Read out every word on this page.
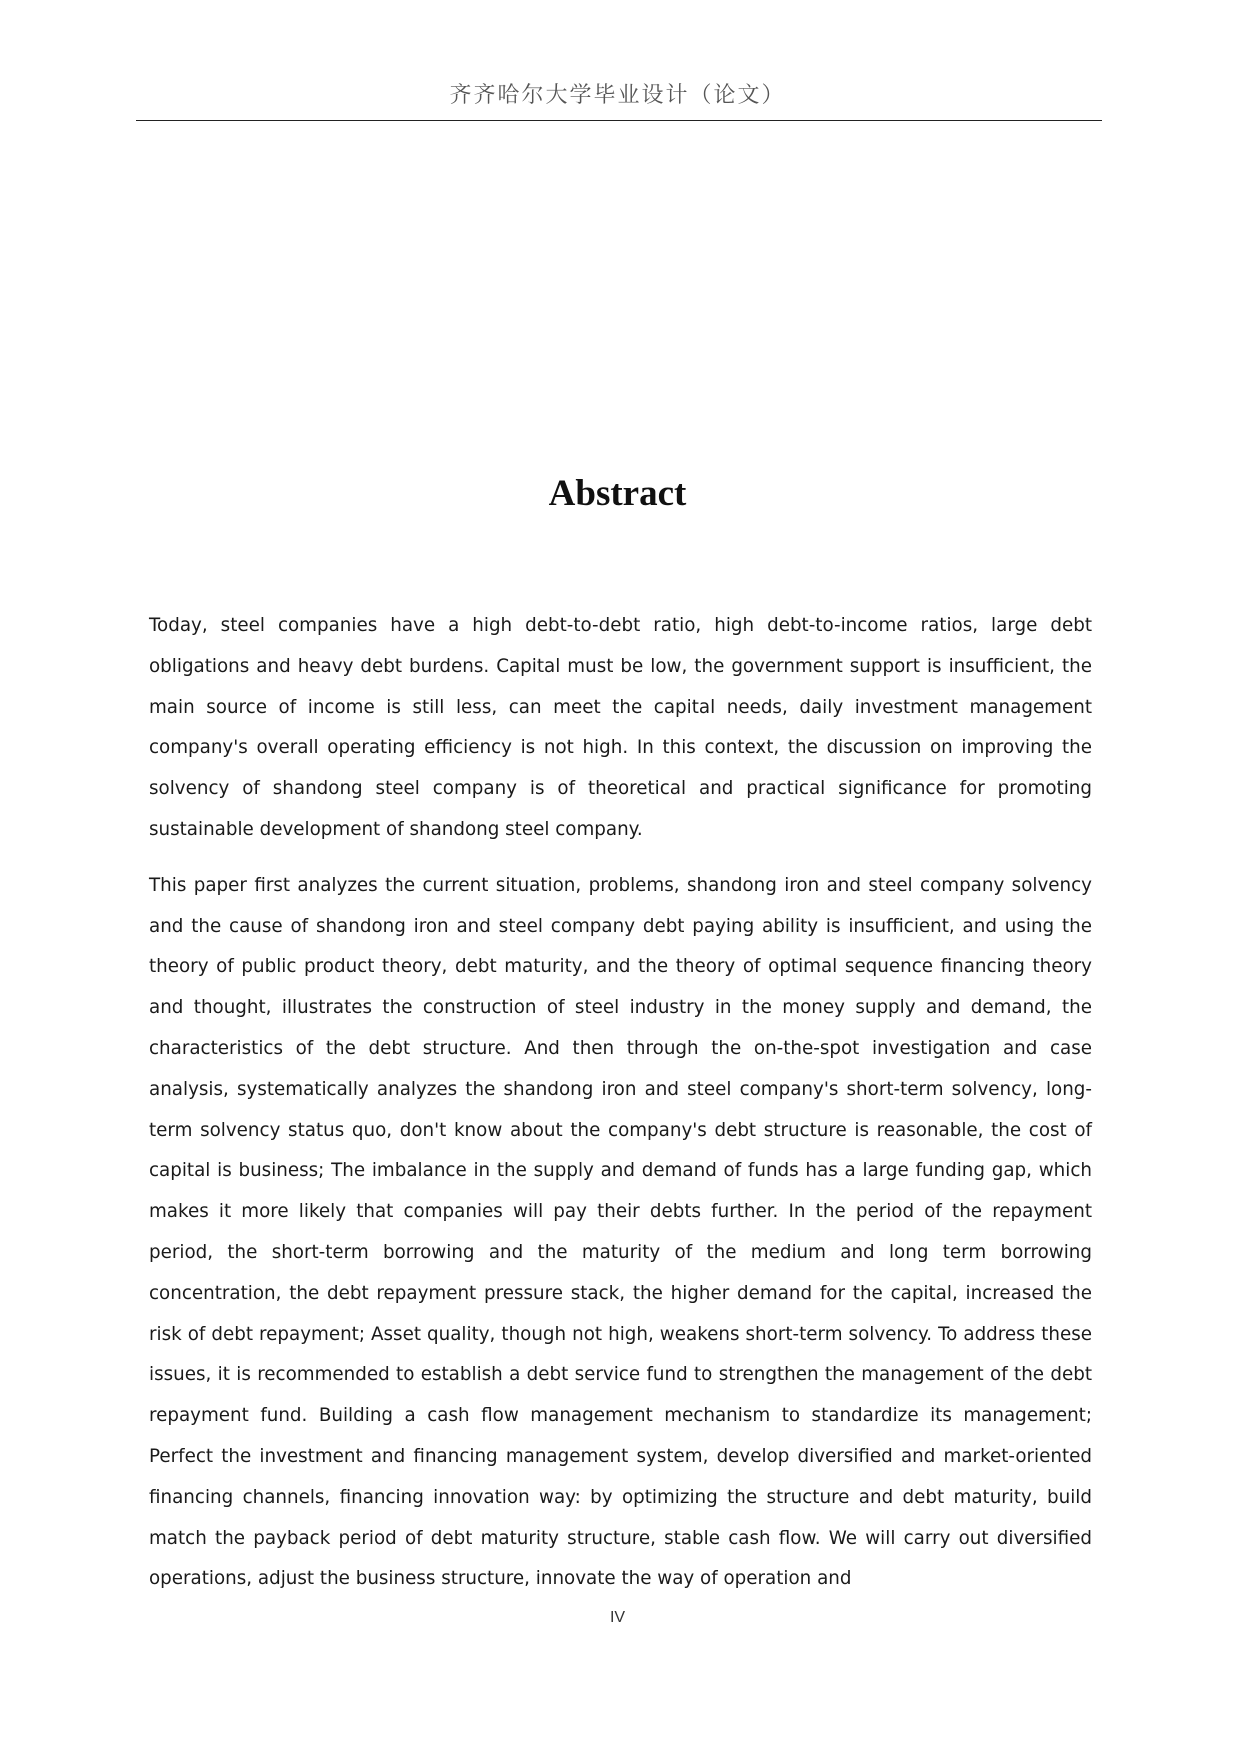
齐齐哈尔大学毕业设计（论文）
Abstract

Today, steel companies have a high debt-to-debt ratio, high debt-to-income ratios, large debt obligations and heavy debt burdens. Capital must be low, the government support is insufficient, the main source of income is still less, can meet the capital needs, daily investment management company's overall operating efficiency is not high. In this context, the discussion on improving the solvency of shandong steel company is of theoretical and practical significance for promoting sustainable development of shandong steel company.

This paper first analyzes the current situation, problems, shandong iron and steel company solvency and the cause of shandong iron and steel company debt paying ability is insufficient, and using the theory of public product theory, debt maturity, and the theory of optimal sequence financing theory and thought, illustrates the construction of steel industry in the money supply and demand, the characteristics of the debt structure. And then through the on-the-spot investigation and case analysis, systematically analyzes the shandong iron and steel company's short-term solvency, long-term solvency status quo, don't know about the company's debt structure is reasonable, the cost of capital is business; The imbalance in the supply and demand of funds has a large funding gap, which makes it more likely that companies will pay their debts further. In the period of the repayment period, the short-term borrowing and the maturity of the medium and long term borrowing concentration, the debt repayment pressure stack, the higher demand for the capital, increased the risk of debt repayment; Asset quality, though not high, weakens short-term solvency. To address these issues, it is recommended to establish a debt service fund to strengthen the management of the debt repayment fund. Building a cash flow management mechanism to standardize its management; Perfect the investment and financing management system, develop diversified and market-oriented financing channels, financing innovation way: by optimizing the structure and debt maturity, build match the payback period of debt maturity structure, stable cash flow. We will carry out diversified operations, adjust the business structure, innovate the way of operation and

IV
